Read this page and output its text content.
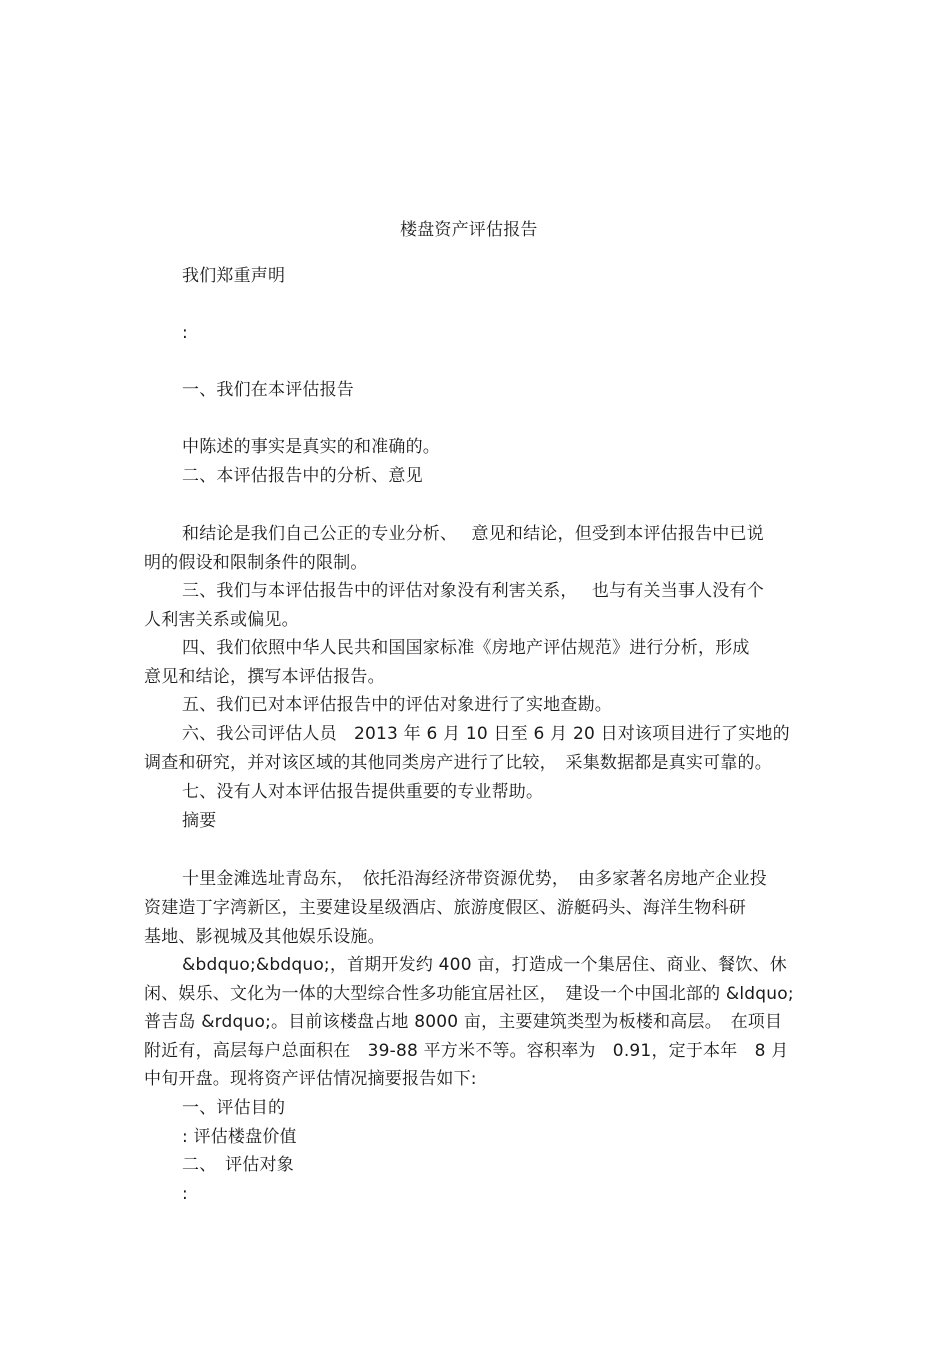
楼盘资产评估报告
我们郑重声明
:
一、我们在本评估报告
中陈述的事实是真实的和准确的。
二、本评估报告中的分析、意见
和结论是我们自己公正的专业分析、　 意见和结论，但受到本评估报告中已说
明的假设和限制条件的限制。
三、我们与本评估报告中的评估对象没有利害关系，　 也与有关当事人没有个
人利害关系或偏见。
四、我们依照中华人民共和国国家标准《房地产评估规范》进行分析，形成
意见和结论，撰写本评估报告。
五、我们已对本评估报告中的评估对象进行了实地查勘。
六、我公司评估人员　2013 年 6 月 10 日至 6 月 20 日对该项目进行了实地的
调查和研究，并对该区域的其他同类房产进行了比较，　采集数据都是真实可靠的。
七、没有人对本评估报告提供重要的专业帮助。
摘要
十里金滩选址青岛东，　依托沿海经济带资源优势，　由多家著名房地产企业投
资建造丁字湾新区，主要建设星级酒店、旅游度假区、游艇码头、海洋生物科研
基地、影视城及其他娱乐设施。
&bdquo;&bdquo;，首期开发约 400 亩，打造成一个集居住、商业、餐饮、休
闲、娱乐、文化为一体的大型综合性多功能宜居社区，　建设一个中国北部的 &ldquo;
普吉岛 &rdquo;。目前该楼盘占地 8000 亩，主要建筑类型为板楼和高层。　在项目
附近有，高层每户总面积在　39-88 平方米不等。容积率为　0.91，定于本年　8 月
中旬开盘。现将资产评估情况摘要报告如下:
一、评估目的
: 评估楼盘价值
二、　评估对象
:
